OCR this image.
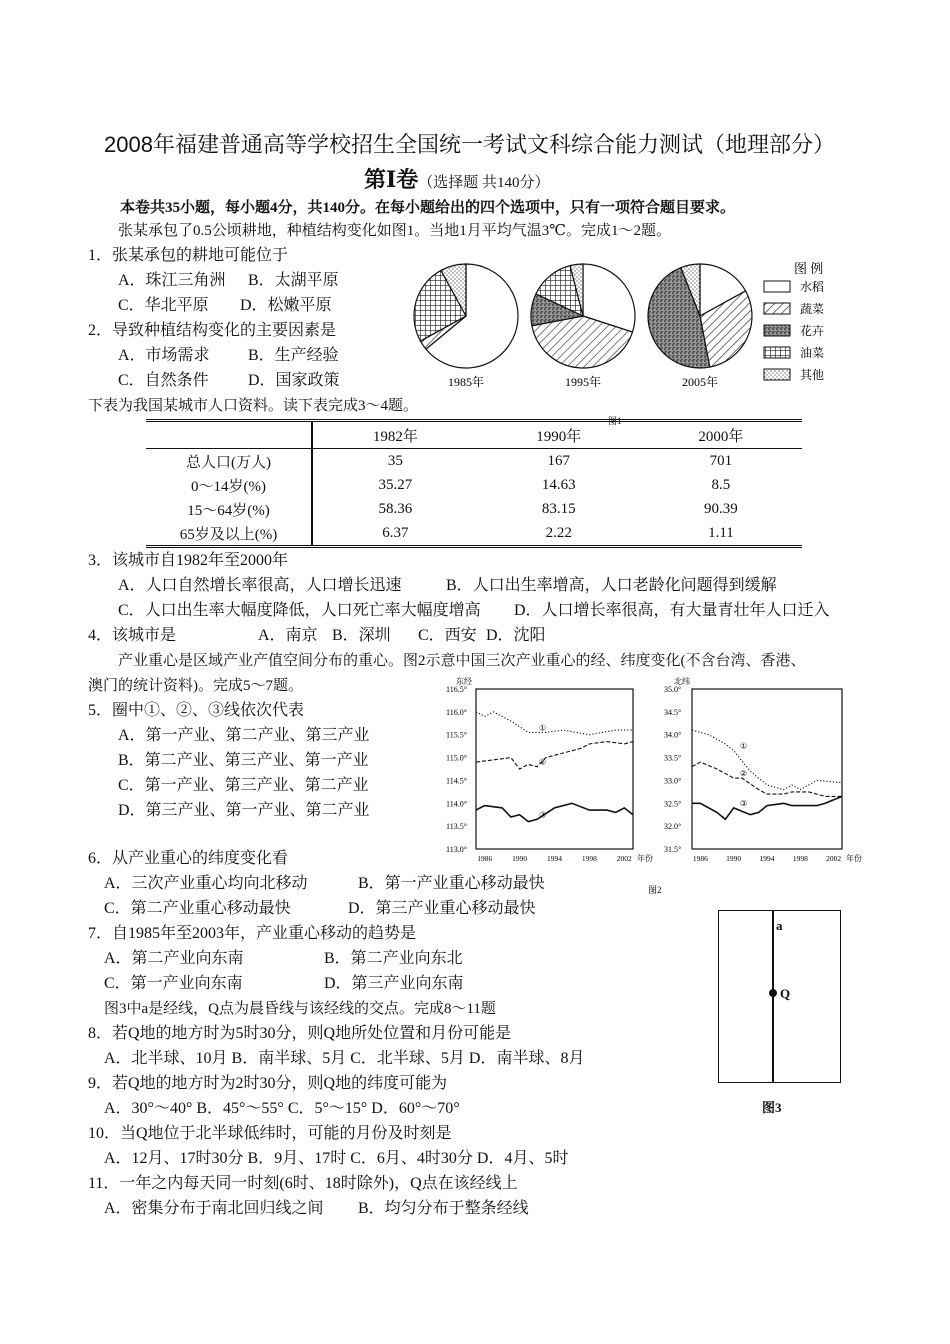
2008年福建普通高等学校招生全国统一考试文科综合能力测试（地理部分）
第Ⅰ卷（选择题 共140分）
本卷共35小题，每小题4分，共140分。在每小题给出的四个选项中，只有一项符合题目要求。
张某承包了0.5公顷耕地，种植结构变化如图1。当地1月平均气温3℃。完成1～2题。
1．张某承包的耕地可能位于
A．珠江三角洲 B．太湖平原
C．华北平原 D．松嫩平原
2．导致种植结构变化的主要因素是
A．市场需求 B．生产经验
C．自然条件 D．国家政策	1985年	1995年	2005年
图 例
水稻
蔬菜
花卉
油菜
其他
图1
下表为我国某城市人口资料。读下表完成3～4题。
	1982年	1990年	2000年
总人口(万人)	35	167	701
0～14岁(%)	35.27	14.63	8.5
15～64岁(%)	58.36	83.15	90.39
65岁及以上(%)	6.37	2.22	1.11
3．该城市自1982年至2000年
A．人口自然增长率很高，人口增长迅速	B．人口出生率增高，人口老龄化问题得到缓解
C．人口出生率大幅度降低，人口死亡率大幅度增高 D．人口增长率很高，有大量青壮年人口迁入
4．该城市是	A．南京 B．深圳 C．西安 D．沈阳
产业重心是区域产业产值空间分布的重心。图2示意中国三次产业重心的经、纬度变化(不含台湾、香港、
澳门的统计资料)。完成5～7题。
5．圈中①、②、③线依次代表
A．第一产业、第二产业、第三产业
B．第二产业、第三产业、第一产业
C．第一产业、第三产业、第二产业
D．第三产业、第一产业、第二产业
东经
113.0°
113.5°
114.0°
114.5°
115.0°
115.5°
116.0°
116.5°
1986	1990	1994	1998	2002 年份
①
②
③
北纬
31.5°
32.0°
32.5°
33.0°
33.5°
34.0°
34.5°
35.0°
1986 1990 1994 1998 2002 年份
①
②
③
图2
6．从产业重心的纬度变化看
A．三次产业重心均向北移动	B．第一产业重心移动最快
C．第二产业重心移动最快	D．第三产业重心移动最快
7．自1985年至2003年，产业重心移动的趋势是
A．第二产业向东南	B．第二产业向东北
C．第一产业向东南	D．第三产业向东南
a
Q
图3
图3中a是经线，Q点为晨昏线与该经线的交点。完成8～11题
8．若Q地的地方时为5时30分，则Q地所处位置和月份可能是
A．北半球、10月 B．南半球、5月 C．北半球、5月 D．南半球、8月
9．若Q地的地方时为2时30分，则Q地的纬度可能为
A．30°～40° B．45°～55° C．5°～15° D．60°～70°
10．当Q地位于北半球低纬时，可能的月份及时刻是
A．12月、17时30分 B．9月、17时 C．6月、4时30分 D．4月、5时
11．一年之内每天同一时刻(6时、18时除外)，Q点在该经线上
A．密集分布于南北回归线之间 B．均匀分布于整条经线
